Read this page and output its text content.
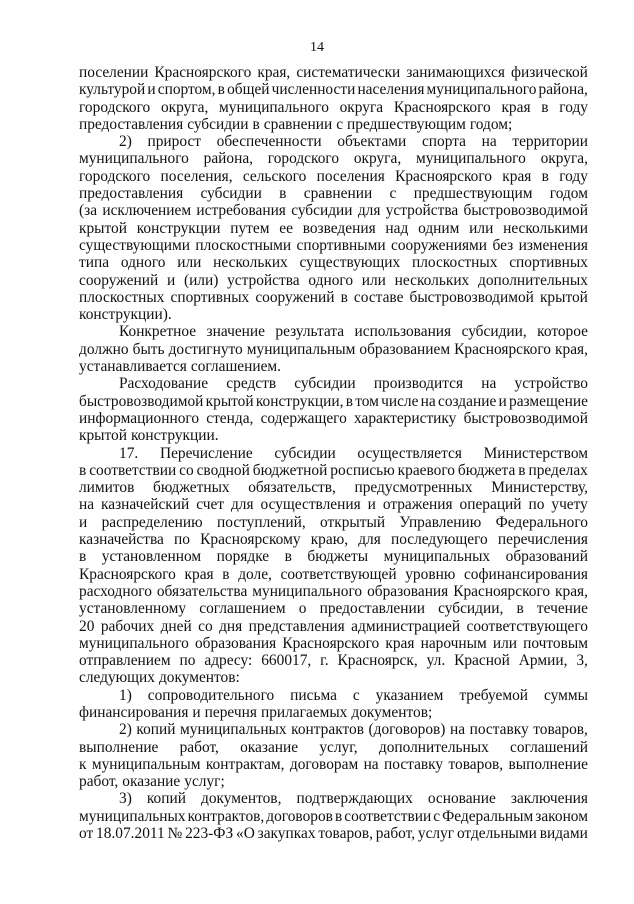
14
поселении Красноярского края, систематически занимающихся физической
культурой и спортом, в общей численности населения муниципального района,
городского округа, муниципального округа Красноярского края в году
предоставления субсидии в сравнении с предшествующим годом;
2) прирост обеспеченности объектами спорта на территории
муниципального района, городского округа, муниципального округа,
городского поселения, сельского поселения Красноярского края в году
предоставления субсидии в сравнении с предшествующим годом
(за исключением истребования субсидии для устройства быстровозводимой
крытой конструкции путем ее возведения над одним или несколькими
существующими плоскостными спортивными сооружениями без изменения
типа одного или нескольких существующих плоскостных спортивных
сооружений и (или) устройства одного или нескольких дополнительных
плоскостных спортивных сооружений в составе быстровозводимой крытой
конструкции).
Конкретное значение результата использования субсидии, которое
должно быть достигнуто муниципальным образованием Красноярского края,
устанавливается соглашением.
Расходование средств субсидии производится на устройство
быстровозводимой крытой конструкции, в том числе на создание и размещение
информационного стенда, содержащего характеристику быстровозводимой
крытой конструкции.
17. Перечисление субсидии осуществляется Министерством
в соответствии со сводной бюджетной росписью краевого бюджета в пределах
лимитов бюджетных обязательств, предусмотренных Министерству,
на казначейский счет для осуществления и отражения операций по учету
и распределению поступлений, открытый Управлению Федерального
казначейства по Красноярскому краю, для последующего перечисления
в установленном порядке в бюджеты муниципальных образований
Красноярского края в доле, соответствующей уровню софинансирования
расходного обязательства муниципального образования Красноярского края,
установленному соглашением о предоставлении субсидии, в течение
20 рабочих дней со дня представления администрацией соответствующего
муниципального образования Красноярского края нарочным или почтовым
отправлением по адресу: 660017, г. Красноярск, ул. Красной Армии, 3,
следующих документов:
1) сопроводительного письма с указанием требуемой суммы
финансирования и перечня прилагаемых документов;
2) копий муниципальных контрактов (договоров) на поставку товаров,
выполнение работ, оказание услуг, дополнительных соглашений
к муниципальным контрактам, договорам на поставку товаров, выполнение
работ, оказание услуг;
3) копий документов, подтверждающих основание заключения
муниципальных контрактов, договоров в соответствии с Федеральным законом
от 18.07.2011 № 223-ФЗ «О закупках товаров, работ, услуг отдельными видами
